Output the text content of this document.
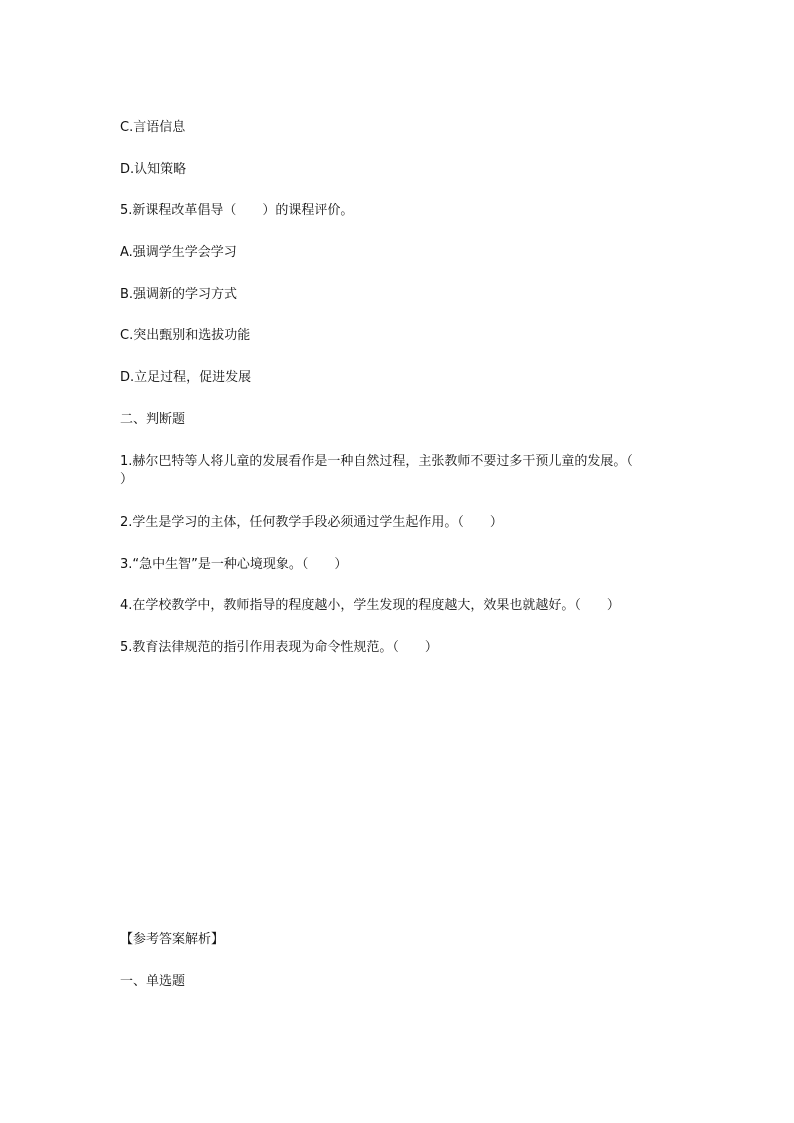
C.言语信息
D.认知策略
5.新课程改革倡导（　　）的课程评价。
A.强调学生学会学习
B.强调新的学习方式
C.突出甄别和选拔功能
D.立足过程，促进发展
二、判断题
1.赫尔巴特等人将儿童的发展看作是一种自然过程，主张教师不要过多干预儿童的发展。（　　）
2.学生是学习的主体，任何教学手段必须通过学生起作用。（　　）
3.“急中生智”是一种心境现象。（　　）
4.在学校教学中，教师指导的程度越小，学生发现的程度越大，效果也就越好。（　　）
5.教育法律规范的指引作用表现为命令性规范。（　　）
【参考答案解析】
一、单选题
